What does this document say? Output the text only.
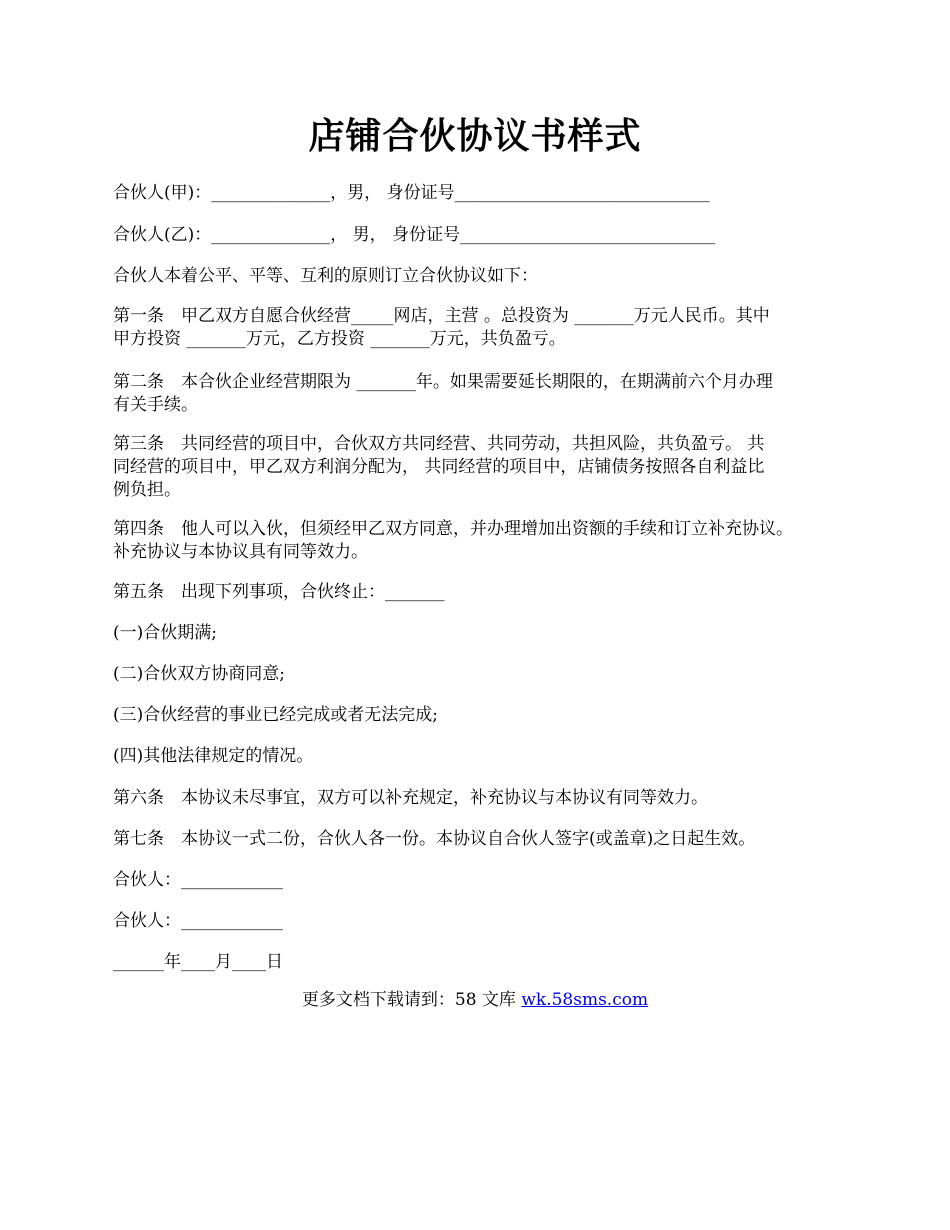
店铺合伙协议书样式
合伙人(甲)：______________，男， 身份证号______________________________
合伙人(乙)：______________， 男， 身份证号______________________________
合伙人本着公平、平等、互利的原则订立合伙协议如下：
第一条　甲乙双方自愿合伙经营_____网店，主营 。总投资为 _______万元人民币。其中
甲方投资 _______万元，乙方投资 _______万元，共负盈亏。
第二条　本合伙企业经营期限为 _______年。如果需要延长期限的，在期满前六个月办理
有关手续。
第三条　共同经营的项目中，合伙双方共同经营、共同劳动，共担风险，共负盈亏。 共
同经营的项目中，甲乙双方利润分配为， 共同经营的项目中，店铺债务按照各自利益比
例负担。
第四条　他人可以入伙，但须经甲乙双方同意，并办理增加出资额的手续和订立补充协议。
补充协议与本协议具有同等效力。
第五条　出现下列事项，合伙终止：_______
(一)合伙期满;
(二)合伙双方协商同意;
(三)合伙经营的事业已经完成或者无法完成;
(四)其他法律规定的情况。
第六条　本协议未尽事宜，双方可以补充规定，补充协议与本协议有同等效力。
第七条　本协议一式二份，合伙人各一份。本协议自合伙人签字(或盖章)之日起生效。
合伙人：____________
合伙人：____________
______年____月____日
更多文档下载请到：58 文库 wk.58sms.com
